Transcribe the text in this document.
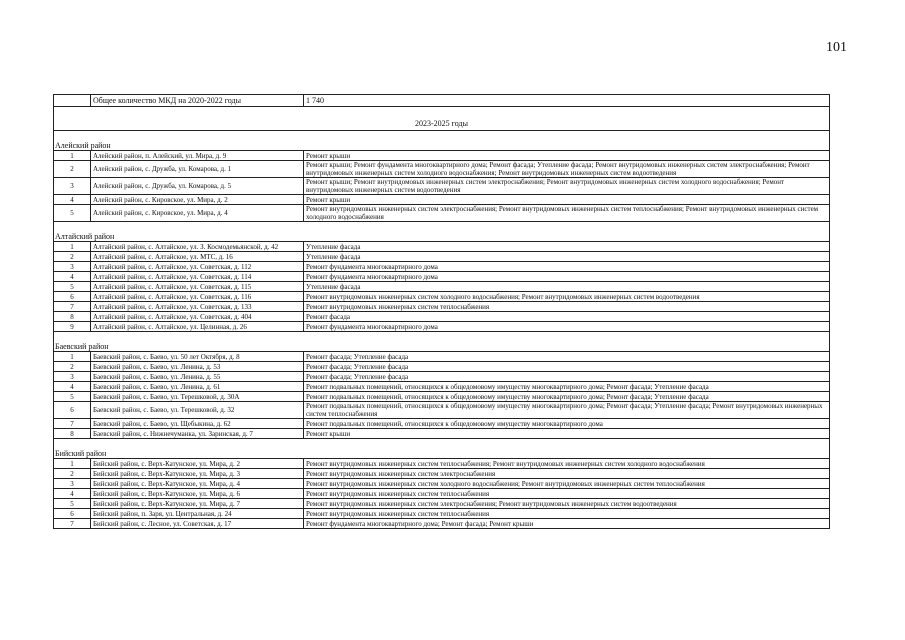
101
	Общее количество МКД на 2020-2022 годы	1 740
2023-2025 годы		

Алейский район		
1	Алейский район, п. Алейский, ул. Мира, д. 9	Ремонт крыши
2	Алейский район, с. Дружба, ул. Комарова, д. 1	Ремонт крыши; Ремонт фундамента многоквартирного дома; Ремонт фасада; Утепление фасада; Ремонт внутридомовых инженерных систем электроснабжения; Ремонт внутридомовых инженерных систем холодного водоснабжения; Ремонт внутридомовых инженерных систем водоотведения
3	Алейский район, с. Дружба, ул. Комарова, д. 5	Ремонт крыши; Ремонт внутридомовых инженерных систем электроснабжения; Ремонт внутридомовых инженерных систем холодного водоснабжения; Ремонт внутридомовых инженерных систем водоотведения
4	Алейский район, с. Кировское, ул. Мира, д. 2	Ремонт крыши
5	Алейский район, с. Кировское, ул. Мира, д. 4	Ремонт внутридомовых инженерных систем электроснабжения; Ремонт внутридомовых инженерных систем теплоснабжения; Ремонт внутридомовых инженерных систем холодного водоснабжения

Алтайский район		
1	Алтайский район, с. Алтайское, ул. З. Космодемьянской, д. 42	Утепление фасада
2	Алтайский район, с. Алтайское, ул. МТС, д. 16	Утепление фасада
3	Алтайский район, с. Алтайское, ул. Советская, д. 112	Ремонт фундамента многоквартирного дома
4	Алтайский район, с. Алтайское, ул. Советская, д. 114	Ремонт фундамента многоквартирного дома
5	Алтайский район, с. Алтайское, ул. Советская, д. 115	Утепление фасада
6	Алтайский район, с. Алтайское, ул. Советская, д. 116	Ремонт внутридомовых инженерных систем холодного водоснабжения; Ремонт внутридомовых инженерных систем водоотведения
7	Алтайский район, с. Алтайское, ул. Советская, д. 133	Ремонт внутридомовых инженерных систем теплоснабжения
8	Алтайский район, с. Алтайское, ул. Советская, д. 404	Ремонт фасада
9	Алтайский район, с. Алтайское, ул. Целинная, д. 26	Ремонт фундамента многоквартирного дома

Баевский район		
1	Баевский район, с. Баево, ул. 50 лет Октября, д. 8	Ремонт фасада; Утепление фасада
2	Баевский район, с. Баево, ул. Ленина, д. 53	Ремонт фасада; Утепление фасада
3	Баевский район, с. Баево, ул. Ленина, д. 55	Ремонт фасада; Утепление фасада
4	Баевский район, с. Баево, ул. Ленина, д. 61	Ремонт подвальных помещений, относящихся к общедомовому имуществу многоквартирного дома; Ремонт фасада; Утепление фасада
5	Баевский район, с. Баево, ул. Терешковой, д. 30А	Ремонт подвальных помещений, относящихся к общедомовому имуществу многоквартирного дома; Ремонт фасада; Утепление фасада
6	Баевский район, с. Баево, ул. Терешковой, д. 32	Ремонт подвальных помещений, относящихся к общедомовому имуществу многоквартирного дома; Ремонт фасада; Утепление фасада; Ремонт внутридомовых инженерных систем теплоснабжения
7	Баевский район, с. Баево, ул. Щебыкина, д. 62	Ремонт подвальных помещений, относящихся к общедомовому имуществу многоквартирного дома
8	Баевский район, с. Нижнечуманка, ул. Заринская, д. 7	Ремонт крыши

Бийский район		
1	Бийский район, с. Верх-Катунское, ул. Мира, д. 2	Ремонт внутридомовых инженерных систем теплоснабжения; Ремонт внутридомовых инженерных систем холодного водоснабжения
2	Бийский район, с. Верх-Катунское, ул. Мира, д. 3	Ремонт внутридомовых инженерных систем электроснабжения
3	Бийский район, с. Верх-Катунское, ул. Мира, д. 4	Ремонт внутридомовых инженерных систем холодного водоснабжения; Ремонт внутридомовых инженерных систем теплоснабжения
4	Бийский район, с. Верх-Катунское, ул. Мира, д. 6	Ремонт внутридомовых инженерных систем теплоснабжения
5	Бийский район, с. Верх-Катунское, ул. Мира, д. 7	Ремонт внутридомовых инженерных систем электроснабжения; Ремонт внутридомовых инженерных систем водоотведения
6	Бийский район, п. Заря, ул. Центральная, д. 24	Ремонт внутридомовых инженерных систем теплоснабжения
7	Бийский район, с. Лесное, ул. Советская, д. 17	Ремонт фундамента многоквартирного дома; Ремонт фасада; Ремонт крыши
